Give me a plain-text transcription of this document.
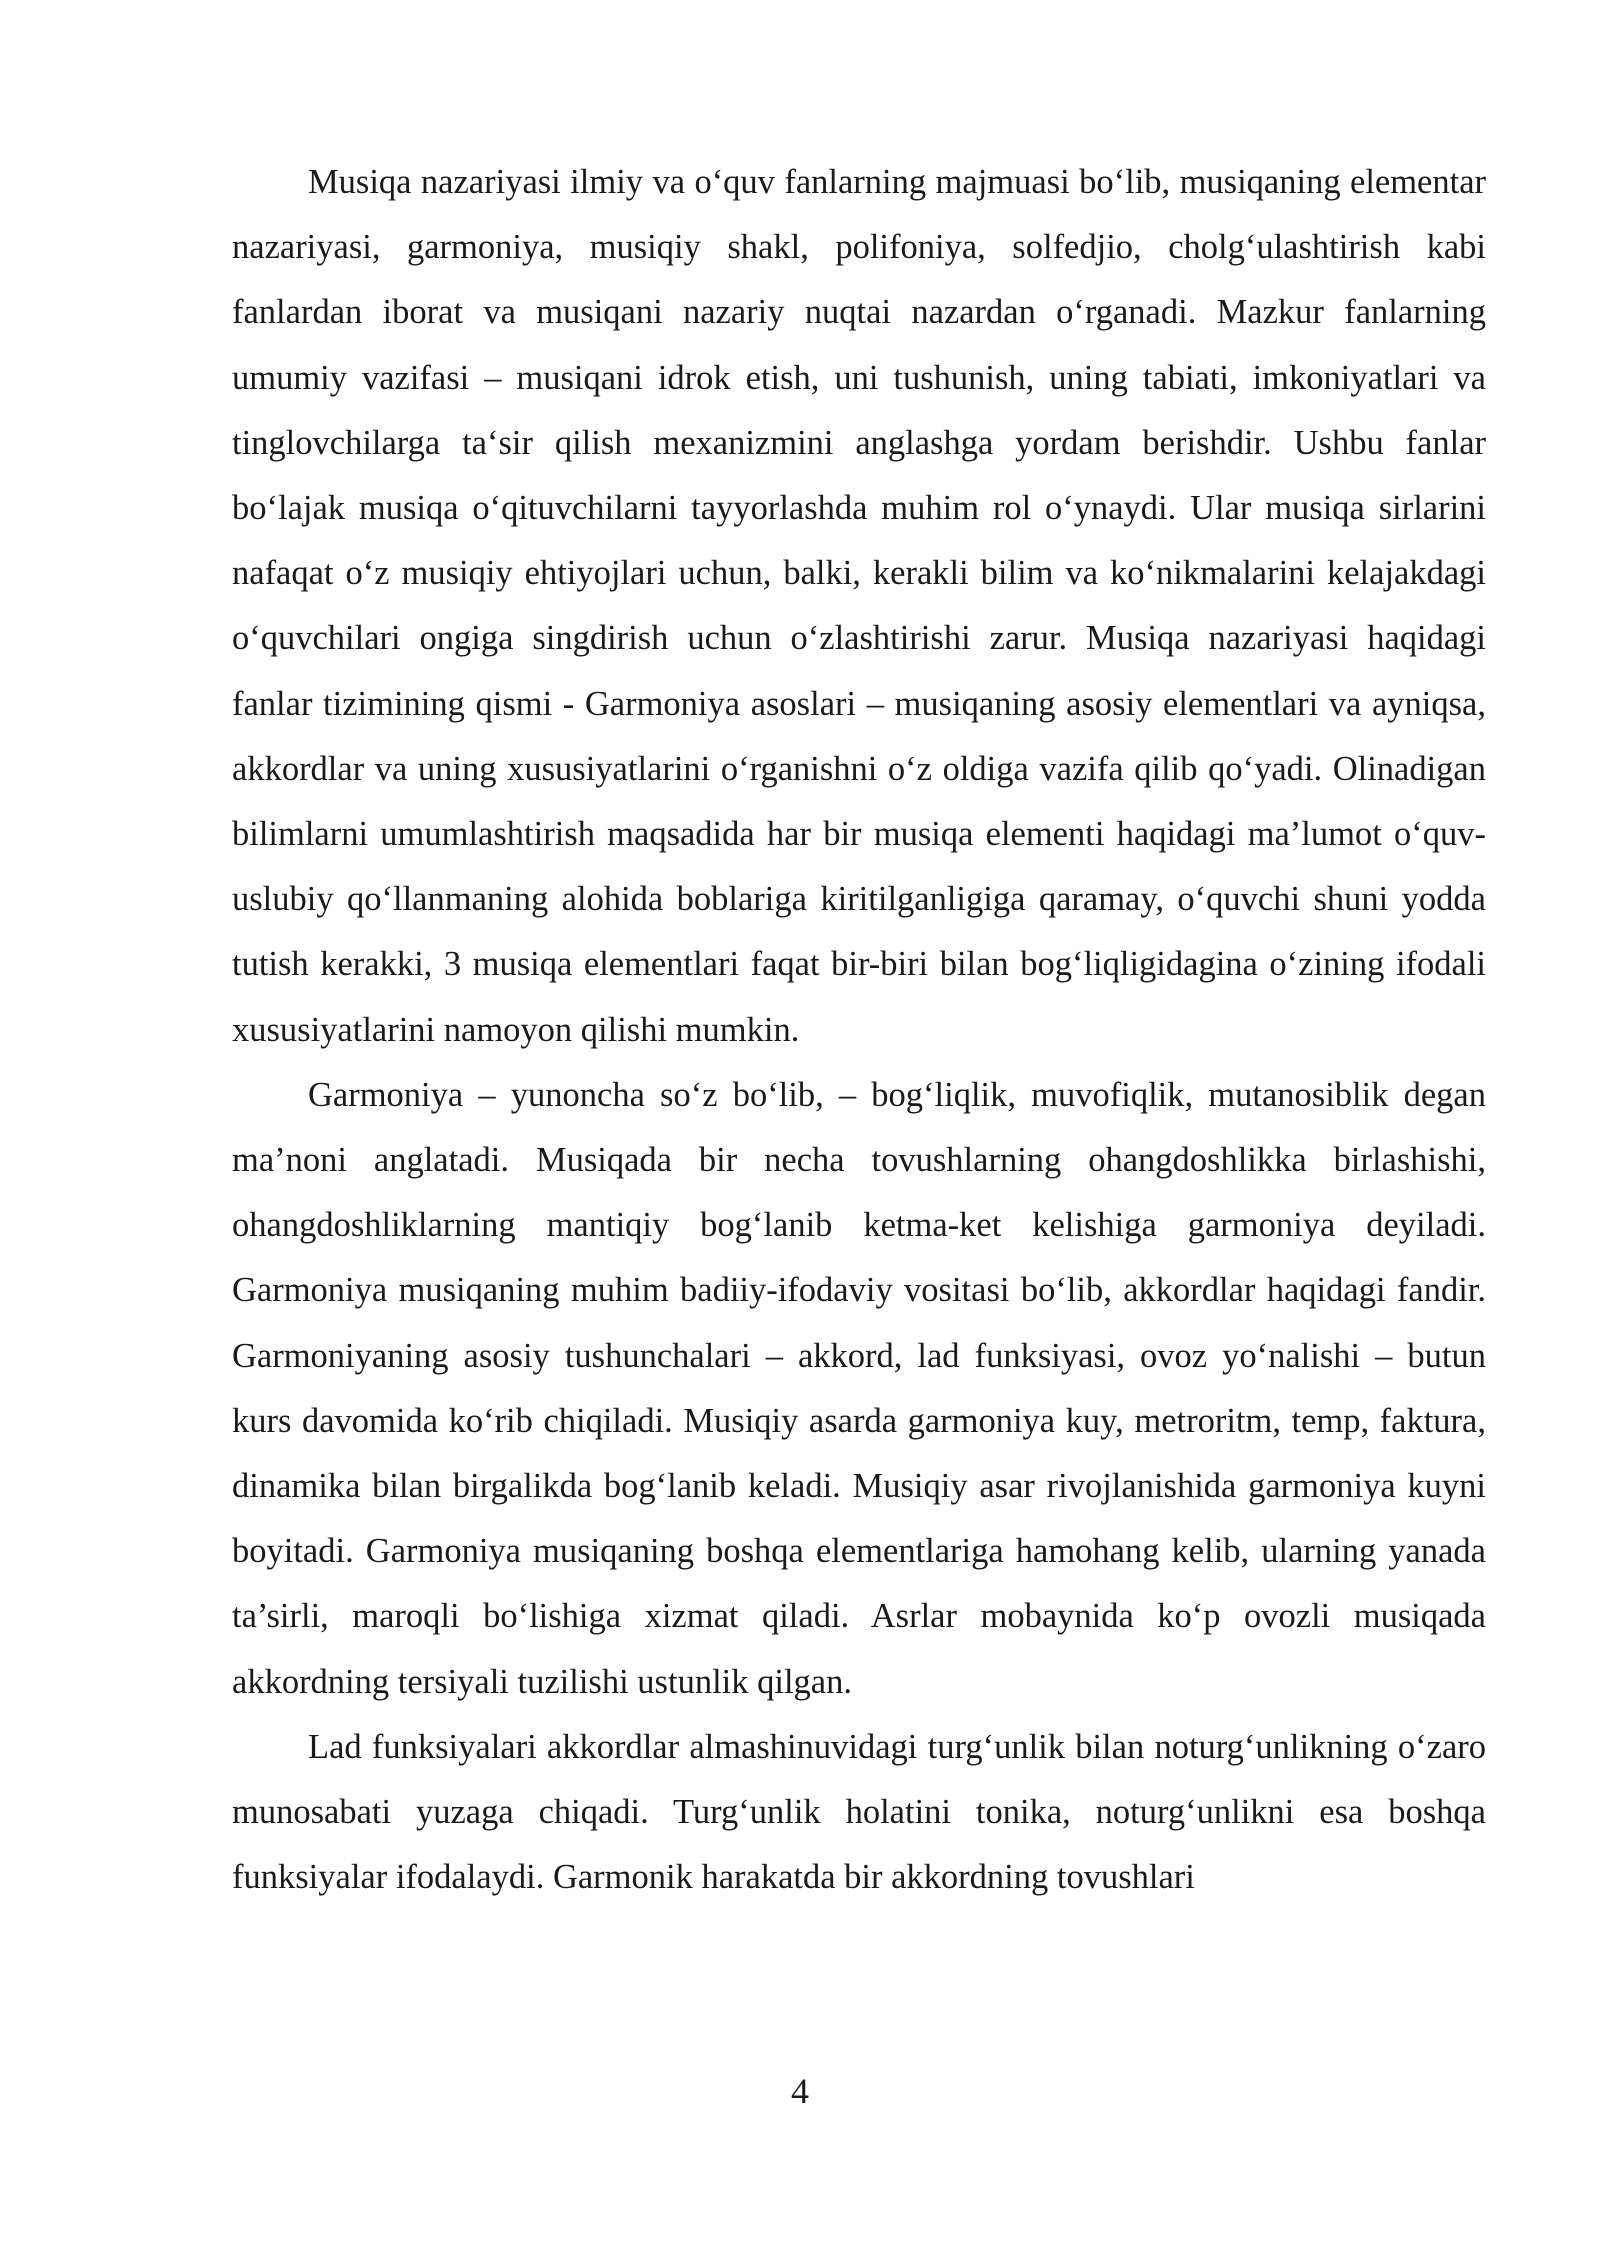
Musiqa nazariyasi ilmiy va o‘quv fanlarning majmuasi bo‘lib, musiqaning elementar nazariyasi, garmoniya, musiqiy shakl, polifoniya, solfedjio, cholg‘ulashtirish kabi fanlardan iborat va musiqani nazariy nuqtai nazardan o‘rganadi. Mazkur fanlarning umumiy vazifasi – musiqani idrok etish, uni tushunish, uning tabiati, imkoniyatlari va tinglovchilarga ta‘sir qilish mexanizmini anglashga yordam berishdir. Ushbu fanlar bo‘lajak musiqa o‘qituvchilarni tayyorlashda muhim rol o‘ynaydi. Ular musiqa sirlarini nafaqat o‘z musiqiy ehtiyojlari uchun, balki, kerakli bilim va ko‘nikmalarini kelajakdagi o‘quvchilari ongiga singdirish uchun o‘zlashtirishi zarur. Musiqa nazariyasi haqidagi fanlar tizimining qismi - Garmoniya asoslari – musiqaning asosiy elementlari va ayniqsa, akkordlar va uning xususiyatlarini o‘rganishni o‘z oldiga vazifa qilib qo‘yadi. Olinadigan bilimlarni umumlashtirish maqsadida har bir musiqa elementi haqidagi ma’lumot o‘quv-uslubiy qo‘llanmaning alohida boblariga kiritilganligiga qaramay, o‘quvchi shuni yodda tutish kerakki, 3 musiqa elementlari faqat bir-biri bilan bog‘liqligidagina o‘zining ifodali xususiyatlarini namoyon qilishi mumkin.

Garmoniya – yunoncha so‘z bo‘lib, – bog‘liqlik, muvofiqlik, mutanosiblik degan ma’noni anglatadi. Musiqada bir necha tovushlarning ohangdoshlikka birlashishi, ohangdoshliklarning mantiqiy bog‘lanib ketma-ket kelishiga garmoniya deyiladi. Garmoniya musiqaning muhim badiiy-ifodaviy vositasi bo‘lib, akkordlar haqidagi fandir. Garmoniyaning asosiy tushunchalari – akkord, lad funksiyasi, ovoz yo‘nalishi – butun kurs davomida ko‘rib chiqiladi. Musiqiy asarda garmoniya kuy, metroritm, temp, faktura, dinamika bilan birgalikda bog‘lanib keladi. Musiqiy asar rivojlanishida garmoniya kuyni boyitadi. Garmoniya musiqaning boshqa elementlariga hamohang kelib, ularning yanada ta’sirli, maroqli bo‘lishiga xizmat qiladi. Asrlar mobaynida ko‘p ovozli musiqada akkordning tersiyali tuzilishi ustunlik qilgan.

Lad funksiyalari akkordlar almashinuvidagi turg‘unlik bilan noturg‘unlikning o‘zaro munosabati yuzaga chiqadi. Turg‘unlik holatini tonika, noturg‘unlikni esa boshqa funksiyalar ifodalaydi. Garmonik harakatda bir akkordning tovushlari

4
